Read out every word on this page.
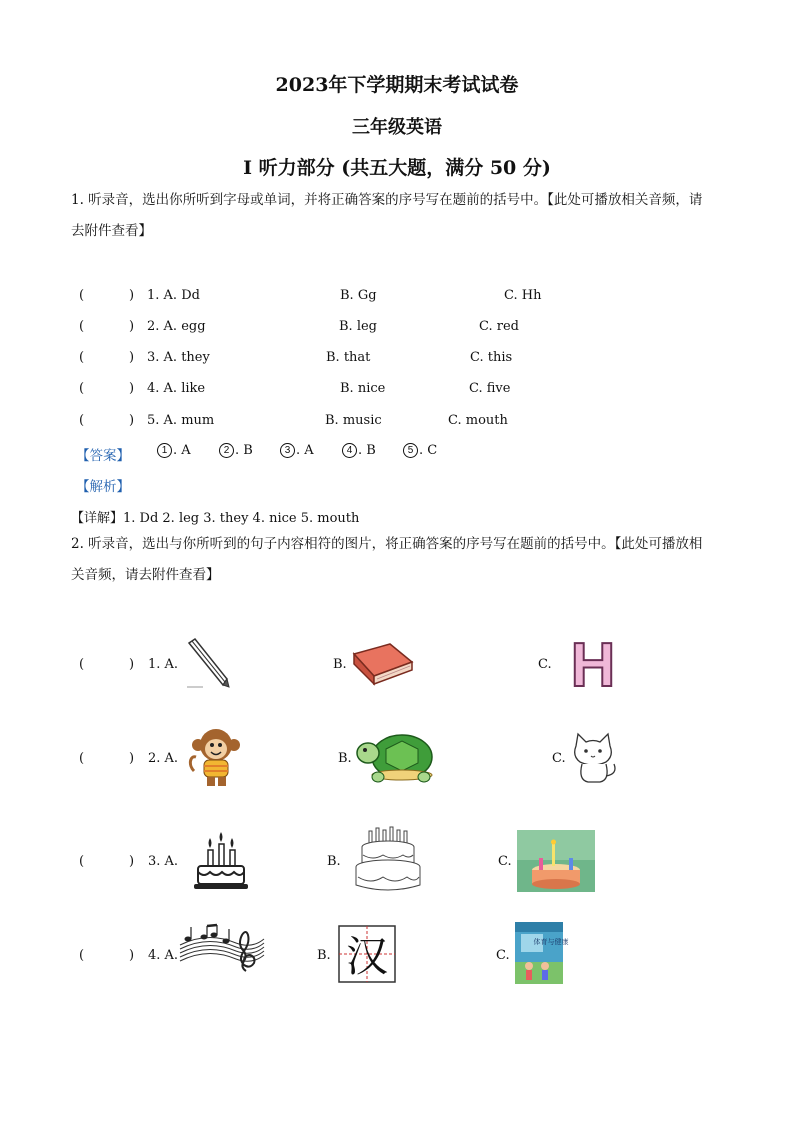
2023年下学期期末考试试卷
三年级英语
I 听力部分 (共五大题，满分 50 分)
1. 听录音，选出你所听到字母或单词，并将正确答案的序号写在题前的括号中。【此处可播放相关音频，请
去附件查看】
(	) 1. A. Dd	B. Gg	C. Hh
(	) 2. A. egg	B. leg	C. red
(	) 3. A. they	B. that	C. this
(	) 4. A. like	B. nice	C. five
(	) 5. A. mum	B. music	C. mouth
【答案】	1 . A	2 . B	3 . A	4 . B	5 . C
【解析】
【详解】1. Dd 2. leg 3. they 4. nice 5. mouth
2. 听录音，选出与你所听到的句子内容相符的图片，将正确答案的序号写在题前的括号中。【此处可播放相
关音频，请去附件查看】
(	) 1. A.	B.	C. H
(	) 2. A.	B.	C.
(	) 3. A.	B.	C.
(	) 4. A.	B. 汉	C.
体育与健康
